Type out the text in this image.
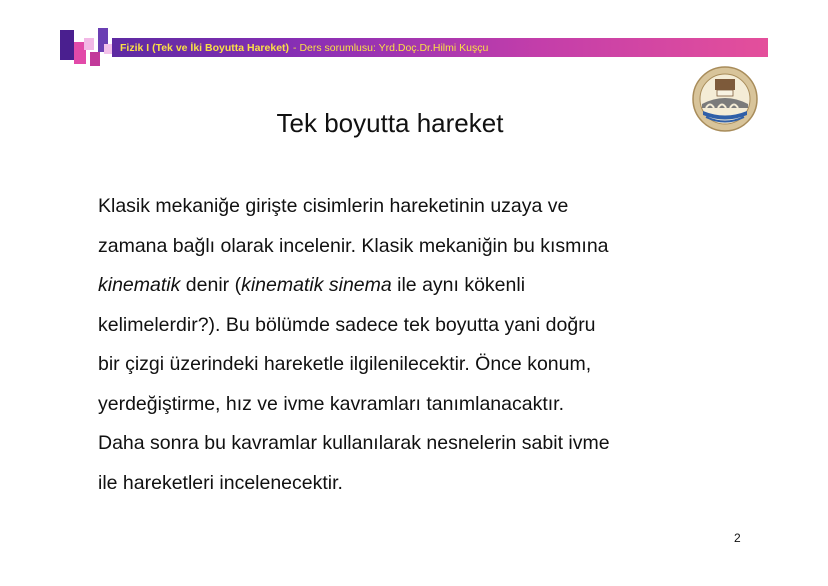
Fizik I (Tek ve İki Boyutta Hareket) - Ders sorumlusu: Yrd.Doç.Dr.Hilmi Kuşçu
Tek boyutta hareket

Klasik mekaniğe girişte cisimlerin hareketinin uzaya ve

zamana bağlı olarak incelenir. Klasik mekaniğin bu kısmına

kinematik denir (kinematik sinema ile aynı kökenli

kelimelerdir?). Bu bölümde sadece tek boyutta yani doğru

bir çizgi üzerindeki hareketle ilgilenilecektir. Önce konum,

yerdeğiştirme, hız ve ivme kavramları tanımlanacaktır.

Daha sonra bu kavramlar kullanılarak nesnelerin sabit ivme

ile hareketleri incelenecektir.

2
